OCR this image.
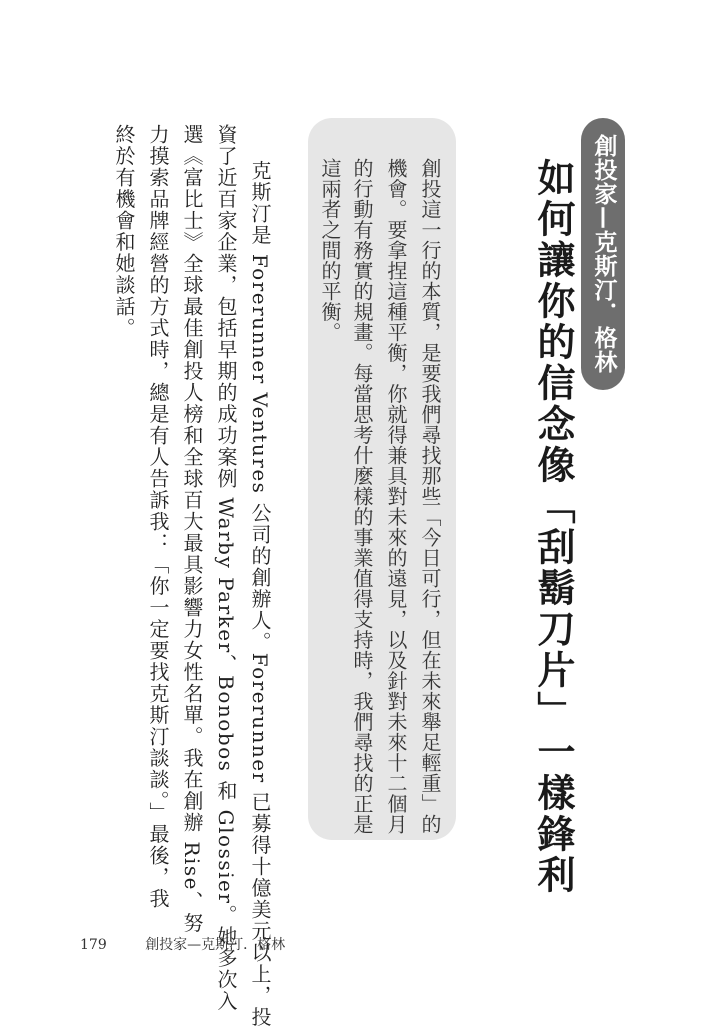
創投家—克斯汀．格林
如何讓你的信念像「刮鬍刀片」一樣鋒利
創投這一行的本質，是要我們尋找那些「今日可行，但在未來舉足輕重」的
機會。要拿捏這種平衡，你就得兼具對未來的遠見，以及針對未來十二個月
的行動有務實的規畫。每當思考什麼樣的事業值得支持時，我們尋找的正是
這兩者之間的平衡。
克斯汀是 Forerunner Ventures 公司的創辦人。Forerunner 已募得十億美元以上，投
資了近百家企業，包括早期的成功案例 Warby Parker、Bonobos 和 Glossier。她多次入
選《富比士》全球最佳創投人榜和全球百大最具影響力女性名單。我在創辦 Rise、努
力摸索品牌經營的方式時，總是有人告訴我：「你一定要找克斯汀談談。」最後，我
終於有機會和她談話。
179	創投家—克斯汀．格林
